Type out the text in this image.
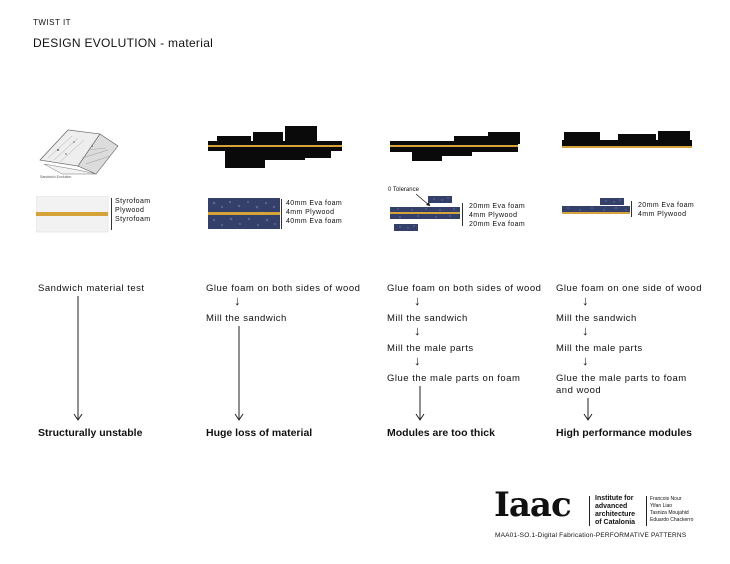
TWIST IT
DESIGN EVOLUTION - material
Sandwich Evolution
Styrofoam
Plywood
Styrofoam
40mm Eva foam
4mm Plywood
40mm Eva foam
0 Tolerance
20mm Eva foam
4mm Plywood
20mm Eva foam
20mm Eva foam
4mm Plywood
Sandwich material test
Structurally unstable
Glue foam on both sides of wood
↓
Mill the sandwich
Huge loss of material
Glue foam on both sides of wood
↓
Mill the sandwich
↓
Mill the male parts
↓
Glue the male parts on foam
Modules are too thick
Glue foam on one side of wood
↓
Mill the sandwich
↓
Mill the male parts
↓
Glue the male parts to foam
and wood
High performance modules
Iaac	Institute for
advanced
architecture
of Catalonia
Francois Nour
Yifan Liao
Tasniza Moujahid
Eduardo Chackerro
MAA01-SO.1-Digital Fabrication-PERFORMATIVE PATTERNS
